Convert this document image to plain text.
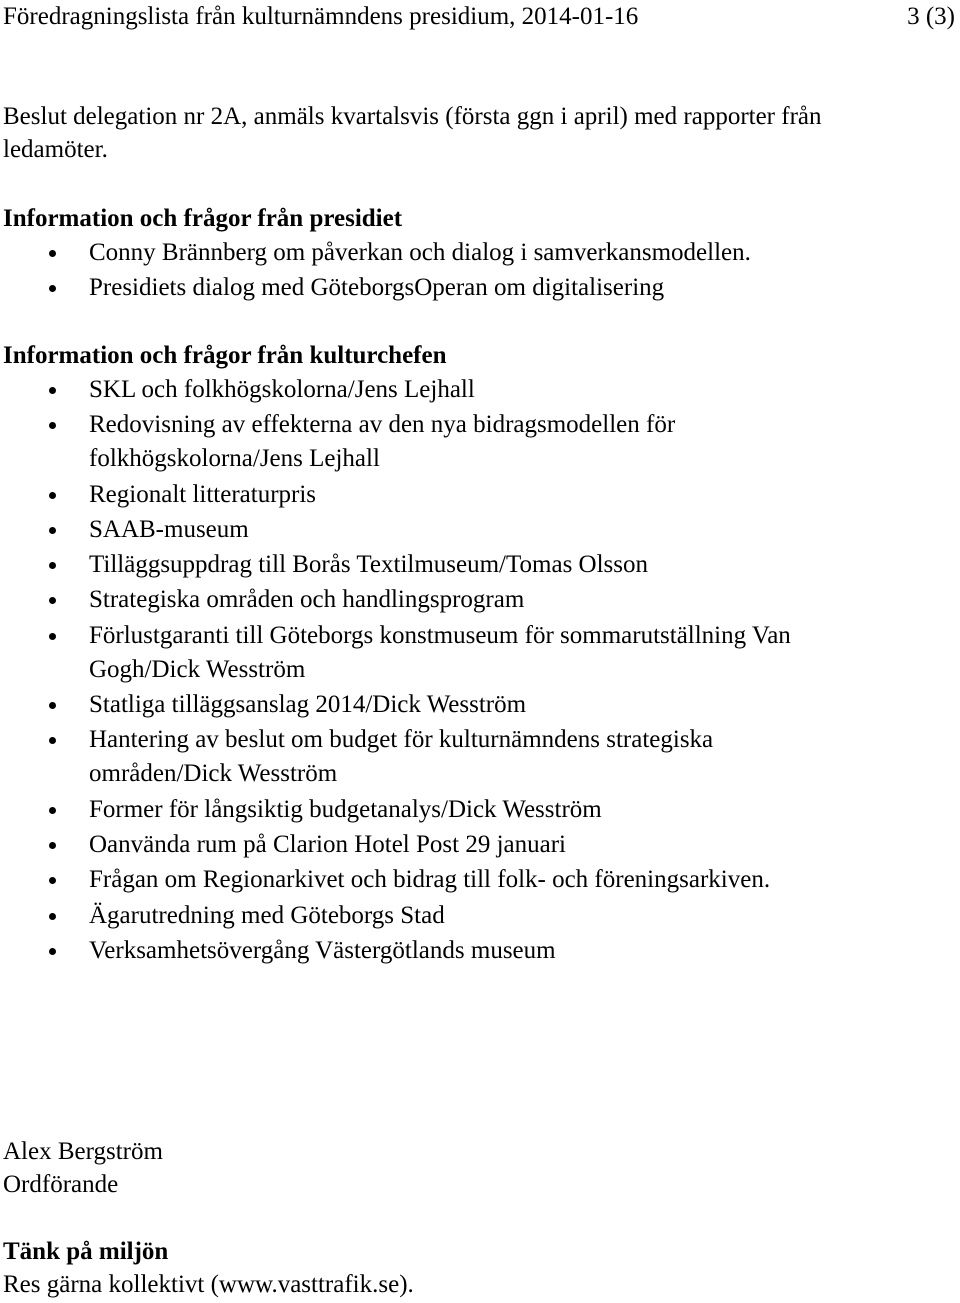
Föredragningslista från kulturnämndens presidium, 2014-01-16	3 (3)
Beslut delegation nr 2A, anmäls kvartalsvis (första ggn i april) med rapporter från
ledamöter.
Information och frågor från presidiet
Conny Brännberg om påverkan och dialog i samverkansmodellen.
Presidiets dialog med GöteborgsOperan om digitalisering
Information och frågor från kulturchefen
SKL och folkhögskolorna/Jens Lejhall
Redovisning av effekterna av den nya bidragsmodellen för
folkhögskolorna/Jens Lejhall
Regionalt litteraturpris
SAAB-museum
Tilläggsuppdrag till Borås Textilmuseum/Tomas Olsson
Strategiska områden och handlingsprogram
Förlustgaranti till Göteborgs konstmuseum för sommarutställning Van
Gogh/Dick Wesström
Statliga tilläggsanslag 2014/Dick Wesström
Hantering av beslut om budget för kulturnämndens strategiska
områden/Dick Wesström
Former för långsiktig budgetanalys/Dick Wesström
Oanvända rum på Clarion Hotel Post 29 januari
Frågan om Regionarkivet och bidrag till folk- och föreningsarkiven.
Ägarutredning med Göteborgs Stad
Verksamhetsövergång Västergötlands museum
Alex Bergström
Ordförande
Tänk på miljön
Res gärna kollektivt (www.vasttrafik.se).
